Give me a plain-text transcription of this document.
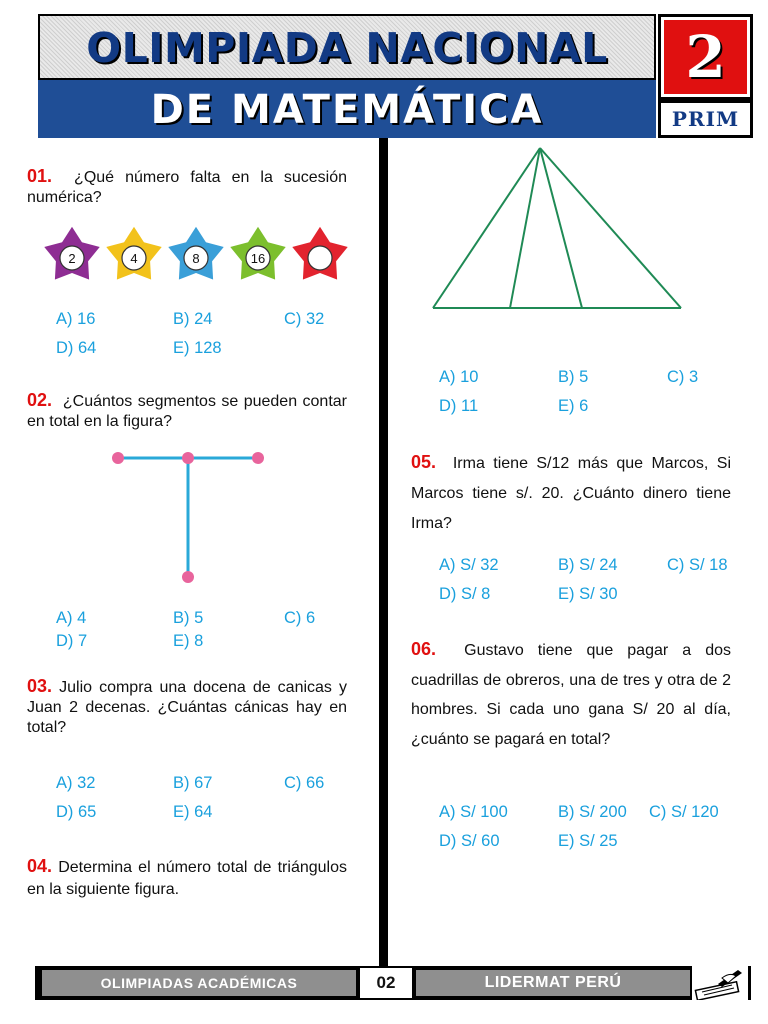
OLIMPIADA NACIONAL
DE MATEMÁTICA
2
PRIM
01. ¿Qué número falta en la sucesión numérica?
2	4	8	16
A) 16	B) 24	C) 32
D) 64	E) 128
02. ¿Cuántos segmentos se pueden contar en total en la figura?
A) 4	B) 5	C) 6
D) 7	E) 8
03. Julio compra una docena de canicas y Juan 2 decenas. ¿Cuántas cánicas hay en total?
A) 32	B) 67	C) 66
D) 65	E) 64
04. Determina el número total de triángulos en la siguiente figura.
A) 10	B) 5	C) 3
D) 11	E) 6
05. Irma tiene S/12 más que Marcos, Si Marcos tiene s/. 20. ¿Cuánto dinero tiene Irma?
A) S/ 32	B) S/ 24	C) S/ 18
D) S/ 8	E) S/ 30
06. Gustavo tiene que pagar a dos cuadrillas de obreros, una de tres y otra de 2 hombres. Si cada uno gana S/ 20 al día, ¿cuánto se pagará en total?
A) S/ 100	B) S/ 200 C) S/ 120
D) S/ 60	E) S/ 25
OLIMPIADAS ACADÉMICAS	02	LIDERMAT PERÚ
